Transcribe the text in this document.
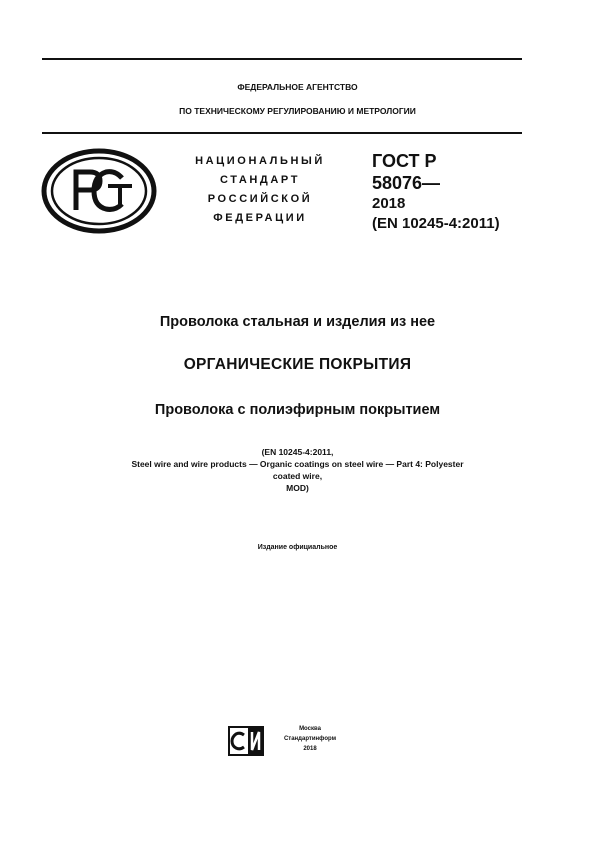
ФЕДЕРАЛЬНОЕ АГЕНТСТВО
ПО ТЕХНИЧЕСКОМУ РЕГУЛИРОВАНИЮ И МЕТРОЛОГИИ
НАЦИОНАЛЬНЫЙ
СТАНДАРТ
РОССИЙСКОЙ
ФЕДЕРАЦИИ
ГОСТ Р
58076—
2018
(EN 10245-4:2011)
Проволока стальная и изделия из нее
ОРГАНИЧЕСКИЕ ПОКРЫТИЯ
Проволока с полиэфирным покрытием
(EN 10245-4:2011,
Steel wire and wire products — Organic coatings on steel wire — Part 4: Polyester
coated wire,
MOD)
Издание официальное
Москва
Стандартинформ
2018
